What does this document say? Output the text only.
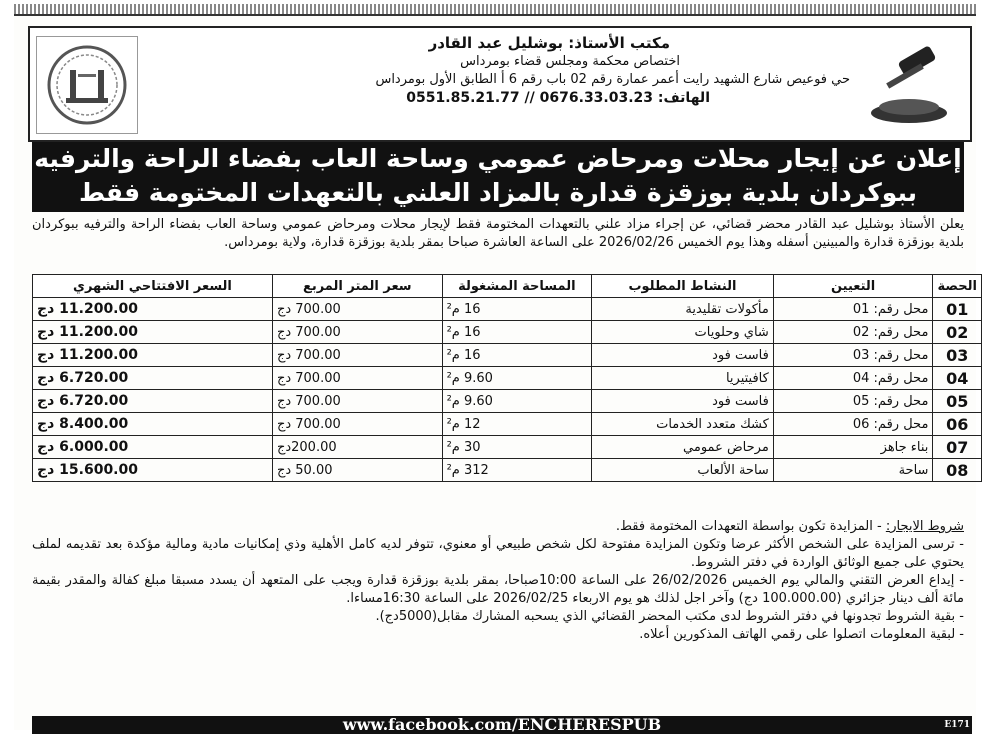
مكتب الأستاذ: بوشليل عبد القادر
اختصاص محكمة ومجلس قضاء بومرداس
حي فوعيص شارع الشهيد رايت أعمر عمارة رقم 02 باب رقم 6 أ الطابق الأول بومرداس
الهاتف: 0676.33.03.23 // 0551.85.21.77
إعلان عن إيجار محلات ومرحاض عمومي وساحة العاب بفضاء الراحة والترفيه
ببوكردان بلدية بوزقزة قدارة بالمزاد العلني بالتعهدات المختومة فقط
يعلن الأستاذ بوشليل عبد القادر محضر قضائي، عن إجراء مزاد علني بالتعهدات المختومة فقط لإيجار محلات ومرحاض عمومي وساحة العاب بفضاء الراحة والترفيه ببوكردان بلدية بوزقزة قدارة والمبينين أسفله وهذا يوم الخميس 2026/02/26 على الساعة العاشرة صباحا بمقر بلدية بوزقزة قدارة، ولاية بومرداس.
الحصة	التعيين	النشاط المطلوب	المساحة المشغولة	سعر المتر المربع	السعر الافتتاحي الشهري
01	محل رقم: 01	مأكولات تقليدية	16 م²	700.00 دج	11.200.00 دج
02	محل رقم: 02	شاي وحلويات	16 م²	700.00 دج	11.200.00 دج
03	محل رقم: 03	فاست فود	16 م²	700.00 دج	11.200.00 دج
04	محل رقم: 04	كافيتيريا	9.60 م²	700.00 دج	6.720.00 دج
05	محل رقم: 05	فاست فود	9.60 م²	700.00 دج	6.720.00 دج
06	محل رقم: 06	كشك متعدد الخدمات	12 م²	700.00 دج	8.400.00 دج
07	بناء جاهز	مرحاض عمومي	30 م²	200.00دج	6.000.00 دج
08	ساحة	ساحة الألعاب	312 م²	50.00 دج	15.600.00 دج

شروط الايجار: - المزايدة تكون بواسطة التعهدات المختومة فقط.

- ترسى المزايدة على الشخص الأكثر عرضا وتكون المزايدة مفتوحة لكل شخص طبيعي أو معنوي، تتوفر لديه كامل الأهلية وذي إمكانيات مادية ومالية مؤكدة بعد تقديمه لملف يحتوي على جميع الوثائق الواردة في دفتر الشروط.

- إيداع العرض التقني والمالي يوم الخميس 26/02/2026 على الساعة 10:00صباحا، بمقر بلدية بوزقزة قدارة ويجب على المتعهد أن يسدد مسبقا مبلغ كفالة والمقدر بقيمة مائة ألف دينار جزائري (100.000.00 دج) وآخر اجل لذلك هو يوم الاربعاء 2026/02/25 على الساعة 16:30مساءا.

- بقية الشروط تجدونها في دفتر الشروط لدى مكتب المحضر القضائي الذي يسحبه المشارك مقابل(5000دج).

- لبقية المعلومات اتصلوا على رقمي الهاتف المذكورين أعلاه.

www.facebook.com/ENCHERESPUB	E171
